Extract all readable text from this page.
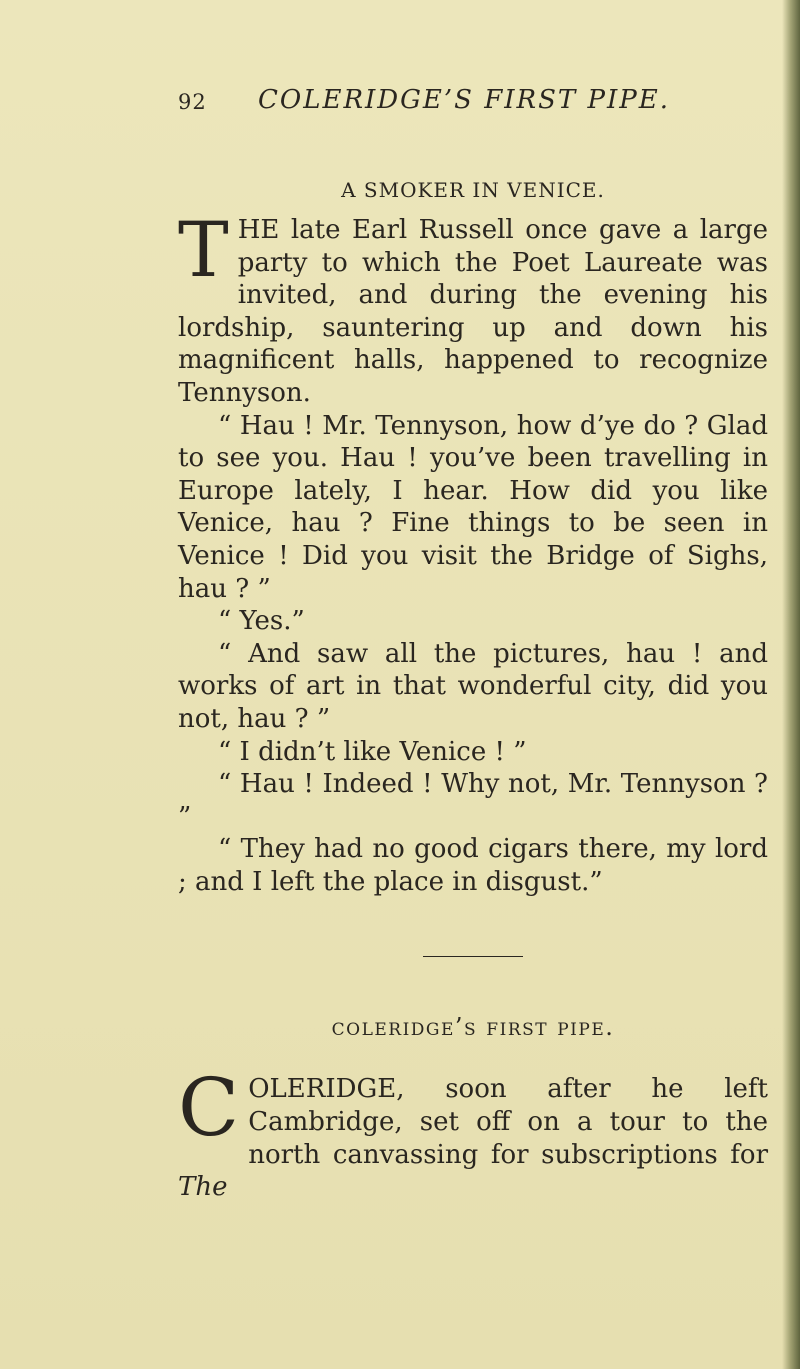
92 COLERIDGE’S FIRST PIPE.
A SMOKER IN VENICE.

THE late Earl Russell once gave a large party to which the Poet Laureate was invited, and during the evening his lordship, sauntering up and down his magnificent halls, happened to recognize Tennyson.

“ Hau ! Mr. Tennyson, how d’ye do ? Glad to see you. Hau ! you’ve been travelling in Europe lately, I hear. How did you like Venice, hau ? Fine things to be seen in Venice ! Did you visit the Bridge of Sighs, hau ? ”

“ Yes.”

“ And saw all the pictures, hau ! and works of art in that wonderful city, did you not, hau ? ”

“ I didn’t like Venice ! ”

“ Hau ! Indeed ! Why not, Mr. Tennyson ? ”

“ They had no good cigars there, my lord ; and I left the place in disgust.”

coleridge’s first pipe.

COLERIDGE, soon after he left Cambridge, set off on a tour to the north canvassing for subscriptions for The
